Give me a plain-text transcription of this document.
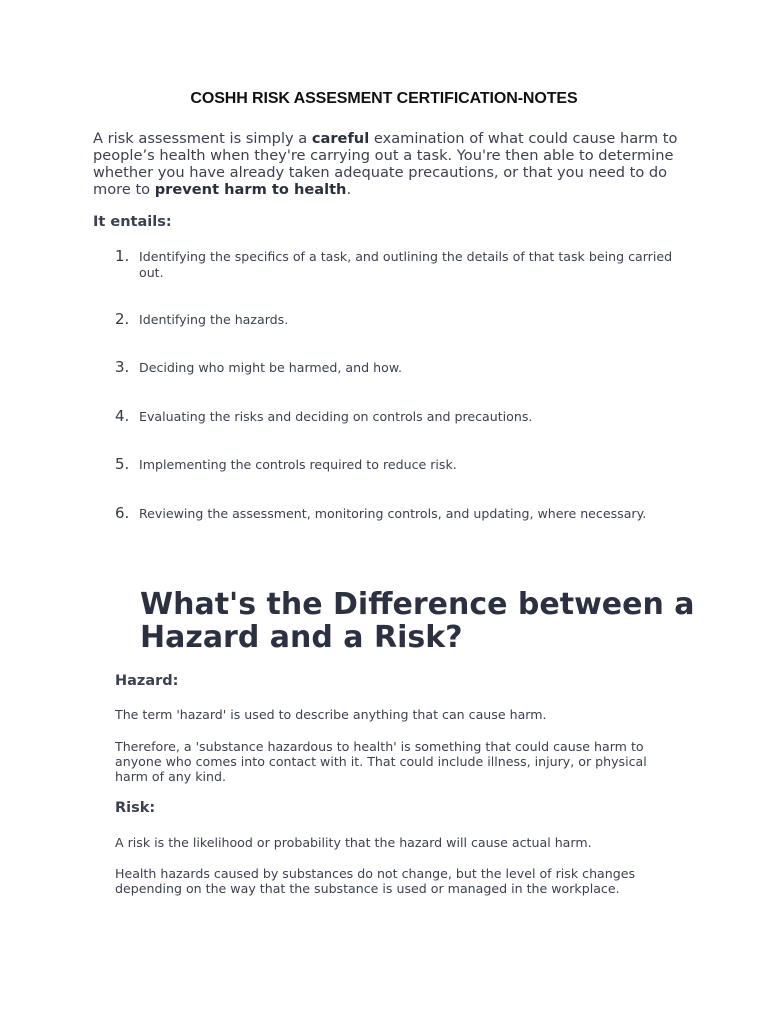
COSHH RISK ASSESMENT CERTIFICATION-NOTES

A risk assessment is simply a careful examination of what could cause harm to people’s health when they're carrying out a task. You're then able to determine whether you have already taken adequate precautions, or that you need to do more to prevent harm to health.

It entails:

1. Identifying the specifics of a task, and outlining the details of that task being carried out.
2. Identifying the hazards.
3. Deciding who might be harmed, and how.
4. Evaluating the risks and deciding on controls and precautions.
5. Implementing the controls required to reduce risk.
6. Reviewing the assessment, monitoring controls, and updating, where necessary.
What's the Difference between a Hazard and a Risk?

Hazard:

The term 'hazard' is used to describe anything that can cause harm.

Therefore, a 'substance hazardous to health' is something that could cause harm to anyone who comes into contact with it. That could include illness, injury, or physical harm of any kind.

Risk:

A risk is the likelihood or probability that the hazard will cause actual harm.

Health hazards caused by substances do not change, but the level of risk changes depending on the way that the substance is used or managed in the workplace.
